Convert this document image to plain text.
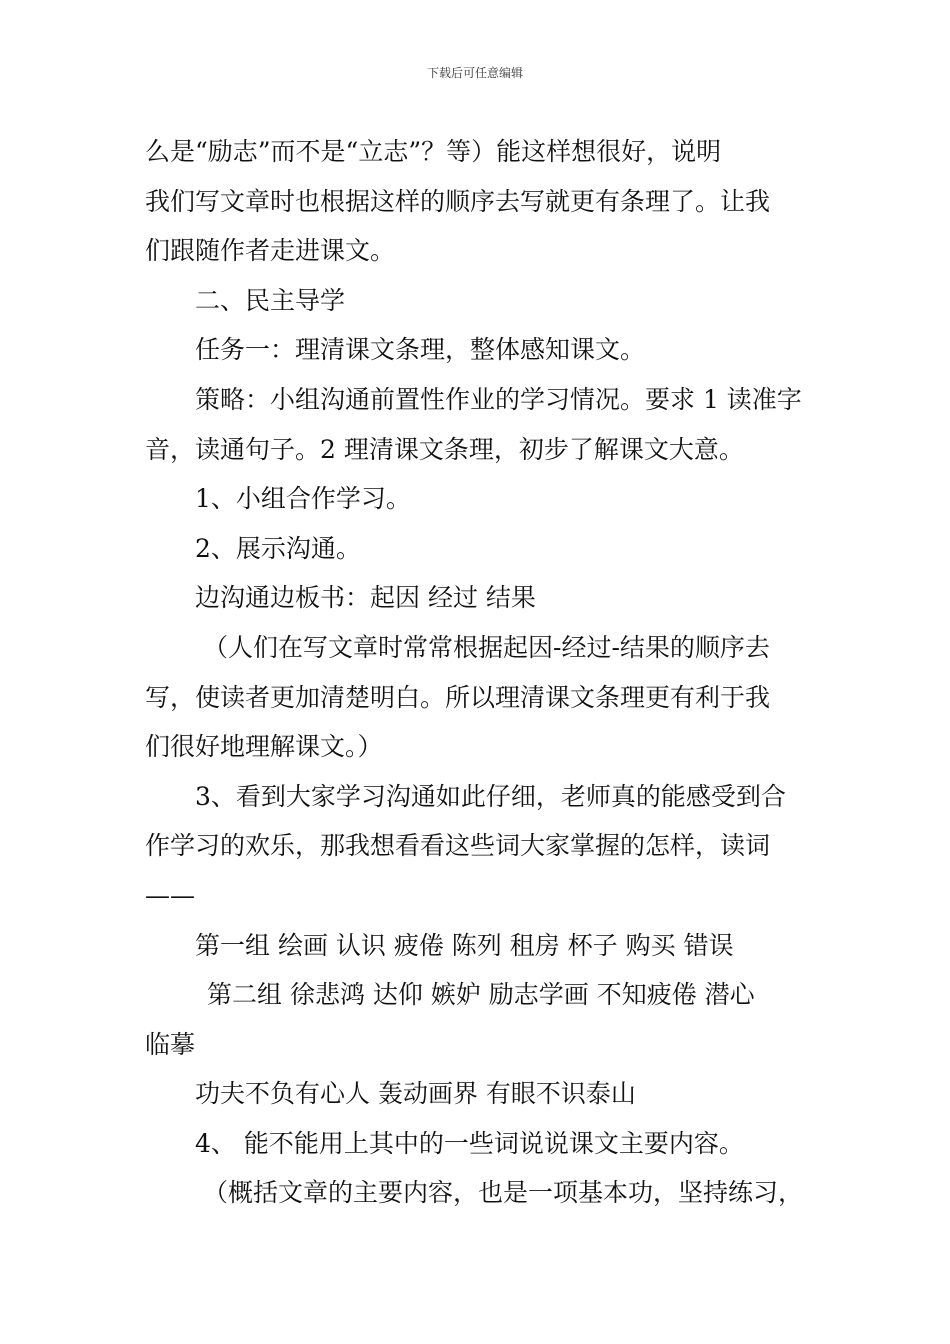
下载后可任意编辑
么是“励志”而不是“立志”？等）能这样想很好，说明
我们写文章时也根据这样的顺序去写就更有条理了。让我
们跟随作者走进课文。
二、民主导学
任务一：理清课文条理，整体感知课文。
策略：小组沟通前置性作业的学习情况。要求 1 读准字
音，读通句子。2 理清课文条理，初步了解课文大意。
1、小组合作学习。
2、展示沟通。
边沟通边板书：起因 经过 结果
（人们在写文章时常常根据起因-经过-结果的顺序去
写，使读者更加清楚明白。所以理清课文条理更有利于我
们很好地理解课文。）
3、看到大家学习沟通如此仔细，老师真的能感受到合
作学习的欢乐，那我想看看这些词大家掌握的怎样，读词
——
第一组 绘画 认识 疲倦 陈列 租房 杯子 购买 错误
第二组 徐悲鸿 达仰 嫉妒 励志学画 不知疲倦 潜心
临摹
功夫不负有心人 轰动画界 有眼不识泰山
4、 能不能用上其中的一些词说说课文主要内容。
（概括文章的主要内容，也是一项基本功，坚持练习，
